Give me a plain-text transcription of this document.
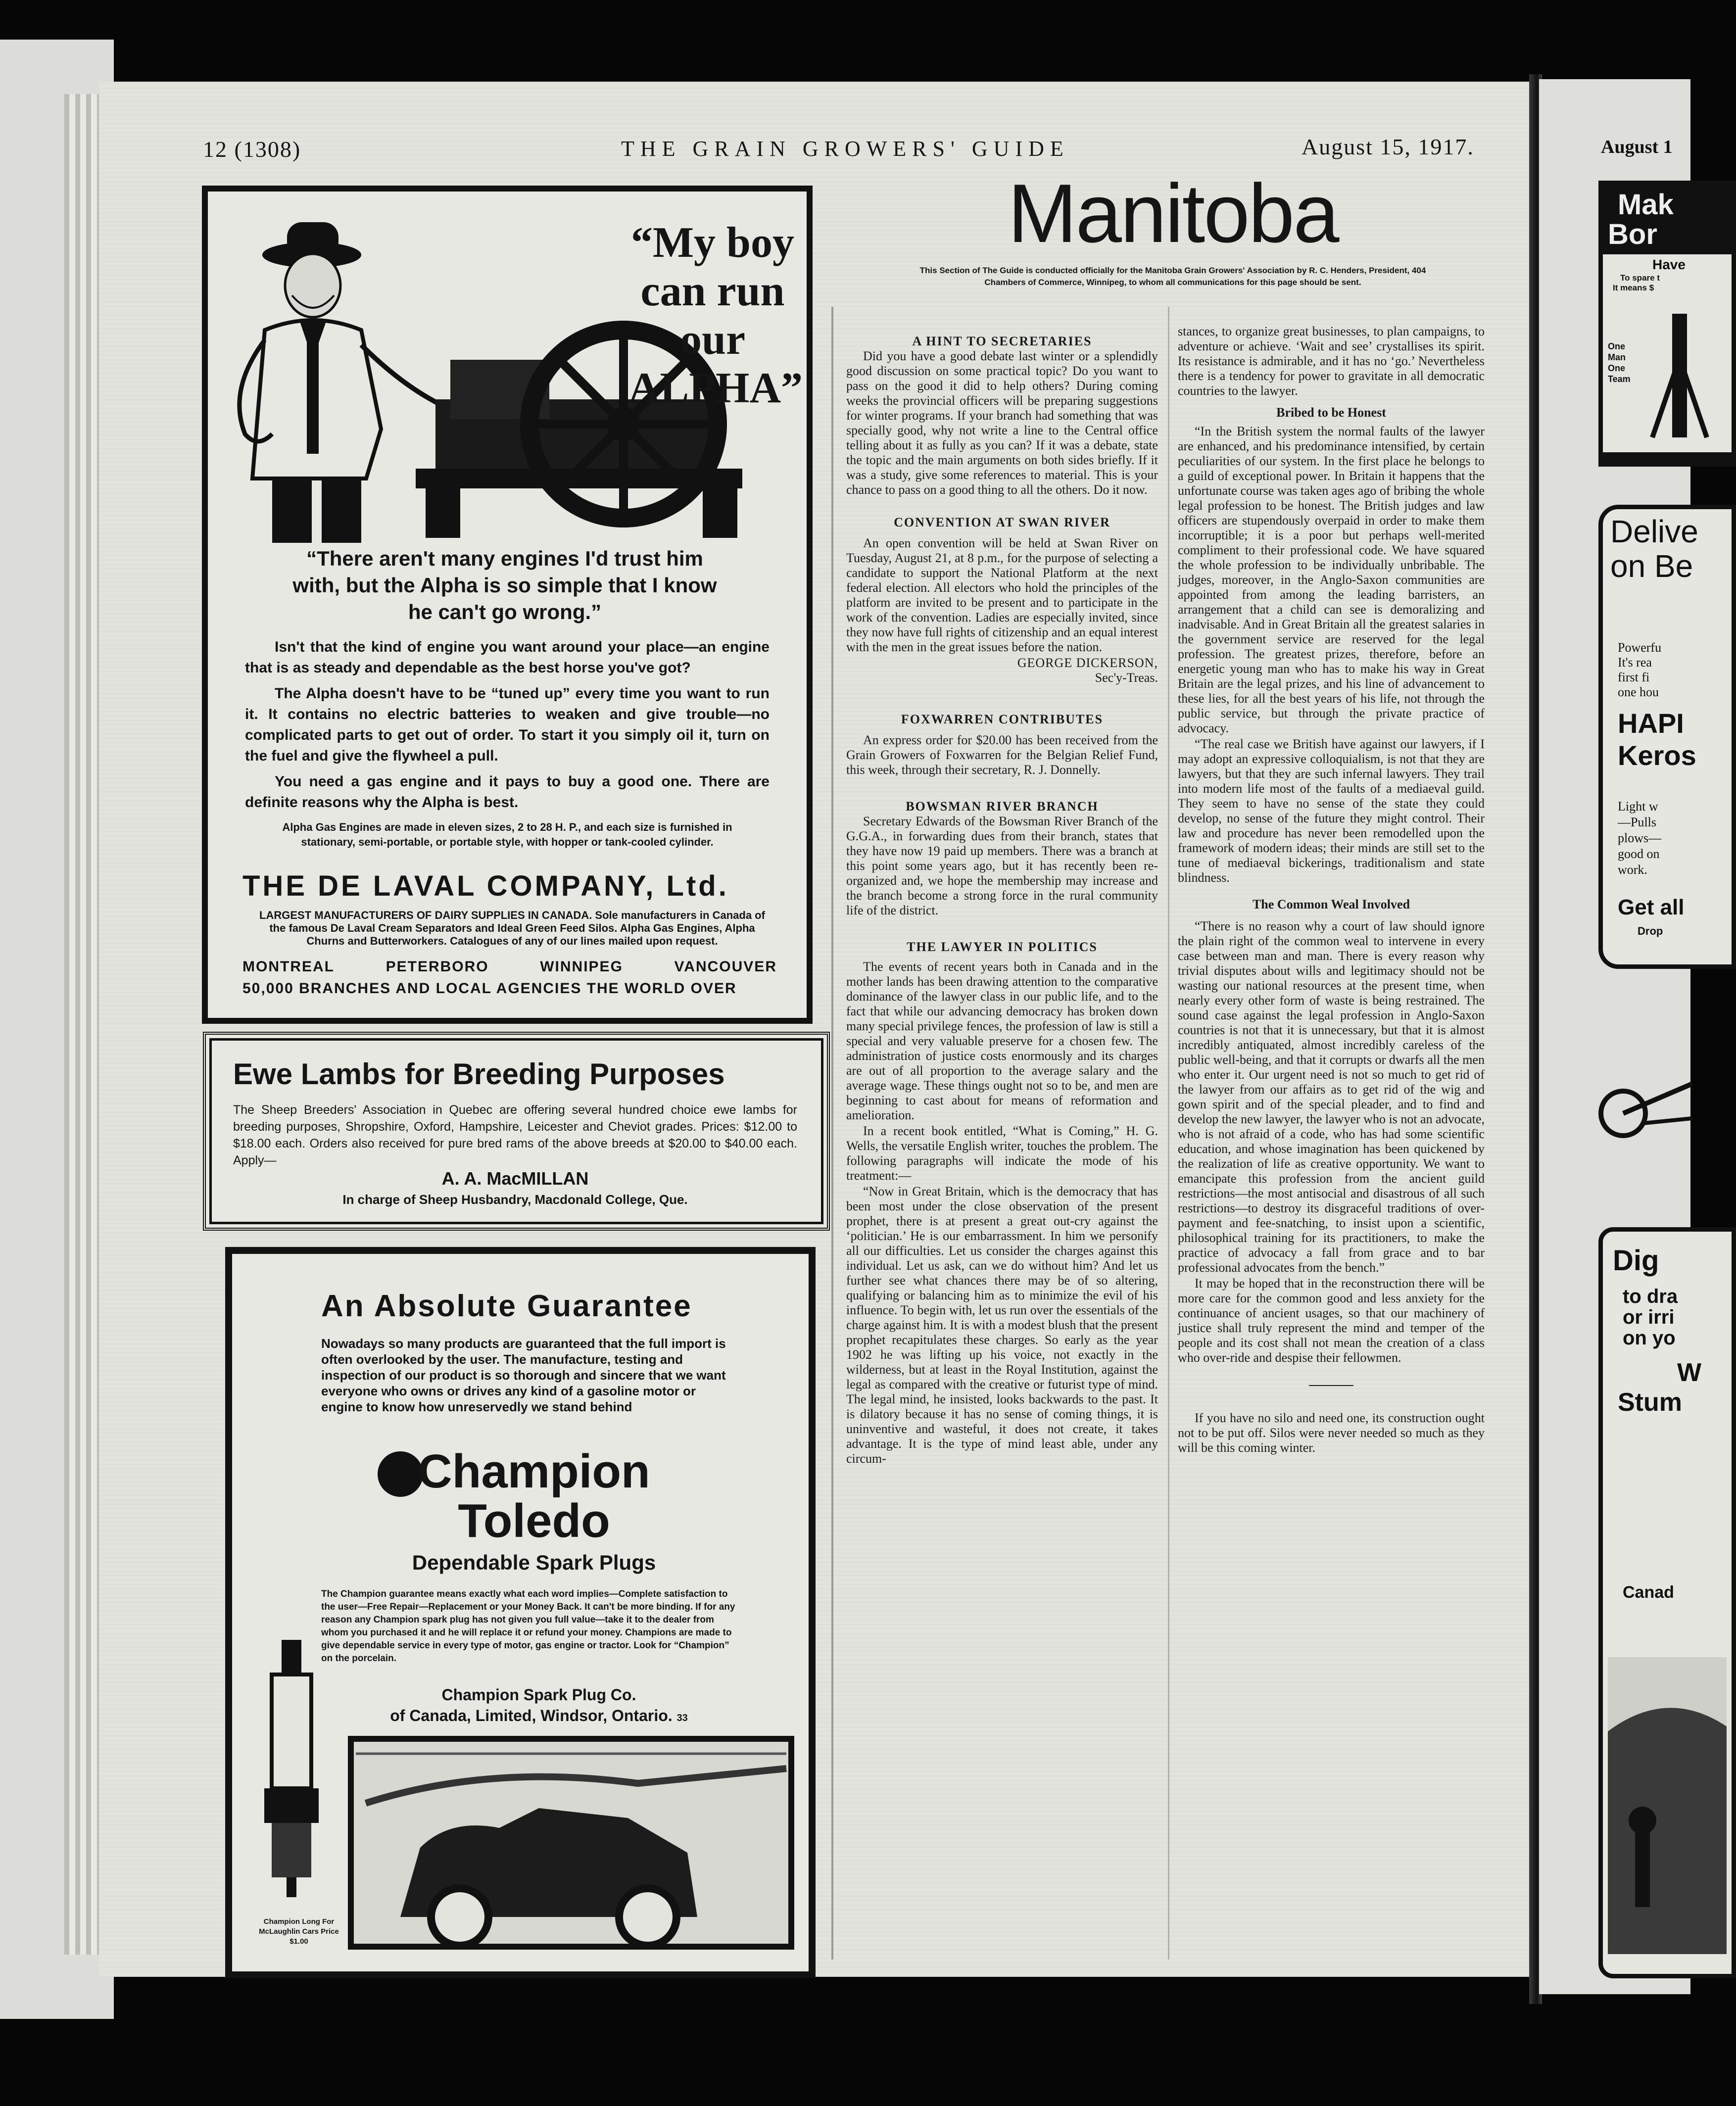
12 (1308)	THE GRAIN GROWERS' GUIDE	August 15, 1917.
“My boy can run our ALPHA”
“There aren't many engines I'd trust him with, but the Alpha is so simple that I know he can't go wrong.”

Isn't that the kind of engine you want around your place—an engine that is as steady and dependable as the best horse you've got?

The Alpha doesn't have to be “tuned up” every time you want to run it. It contains no electric batteries to weaken and give trouble—no complicated parts to get out of order. To start it you simply oil it, turn on the fuel and give the flywheel a pull.

You need a gas engine and it pays to buy a good one. There are definite reasons why the Alpha is best.

Alpha Gas Engines are made in eleven sizes, 2 to 28 H. P., and each size is furnished in stationary, semi-portable, or portable style, with hopper or tank-cooled cylinder.
THE DE LAVAL COMPANY, Ltd.
LARGEST MANUFACTURERS OF DAIRY SUPPLIES IN CANADA. Sole manufacturers in Canada of the famous De Laval Cream Separators and Ideal Green Feed Silos. Alpha Gas Engines, Alpha Churns and Butterworkers. Catalogues of any of our lines mailed upon request.
MONTREAL	PETERBORO	WINNIPEG	VANCOUVER
50,000 BRANCHES AND LOCAL AGENCIES THE WORLD OVER
Ewe Lambs for Breeding Purposes
The Sheep Breeders' Association in Quebec are offering several hundred choice ewe lambs for breeding purposes, Shropshire, Oxford, Hampshire, Leicester and Cheviot grades. Prices: $12.00 to $18.00 each. Orders also received for pure bred rams of the above breeds at $20.00 to $40.00 each. Apply—
A. A. MacMILLAN
In charge of Sheep Husbandry, Macdonald College, Que.
An Absolute Guarantee
Nowadays so many products are guaranteed that the full import is often overlooked by the user. The manufacture, testing and inspection of our product is so thorough and sincere that we want everyone who owns or drives any kind of a gasoline motor or engine to know how unreservedly we stand behind
Champion
Toledo
Dependable Spark Plugs
The Champion guarantee means exactly what each word implies—Complete satisfaction to the user—Free Repair—Replacement or your Money Back. It can't be more binding. If for any reason any Champion spark plug has not given you full value—take it to the dealer from whom you purchased it and he will replace it or refund your money. Champions are made to give dependable service in every type of motor, gas engine or tractor. Look for “Champion” on the porcelain.
Champion Spark Plug Co.
of Canada, Limited, Windsor, Ontario. 33
Champion Long For McLaughlin Cars Price $1.00
Manitoba
This Section of The Guide is conducted officially for the Manitoba Grain Growers' Association by R. C. Henders, President, 404 Chambers of Commerce, Winnipeg, to whom all communications for this page should be sent.
A HINT TO SECRETARIES

Did you have a good debate last winter or a splendidly good discussion on some practical topic? Do you want to pass on the good it did to help others? During coming weeks the provincial officers will be preparing suggestions for winter programs. If your branch had something that was specially good, why not write a line to the Central office telling about it as fully as you can? If it was a debate, state the topic and the main arguments on both sides briefly. If it was a study, give some references to material. This is your chance to pass on a good thing to all the others. Do it now.

CONVENTION AT SWAN RIVER

An open convention will be held at Swan River on Tuesday, August 21, at 8 p.m., for the purpose of selecting a candidate to support the National Platform at the next federal election. All electors who hold the principles of the platform are invited to be present and to participate in the work of the convention. Ladies are especially invited, since they now have full rights of citizenship and an equal interest with the men in the great issues before the nation.

GEORGE DICKERSON,
Sec'y-Treas.
FOXWARREN CONTRIBUTES

An express order for $20.00 has been received from the Grain Growers of Foxwarren for the Belgian Relief Fund, this week, through their secretary, R. J. Donnelly.

BOWSMAN RIVER BRANCH

Secretary Edwards of the Bowsman River Branch of the G.G.A., in forwarding dues from their branch, states that they have now 19 paid up members. There was a branch at this point some years ago, but it has recently been re-organized and, we hope the membership may increase and the branch become a strong force in the rural community life of the district.

THE LAWYER IN POLITICS

The events of recent years both in Canada and in the mother lands has been drawing attention to the comparative dominance of the lawyer class in our public life, and to the fact that while our advancing democracy has broken down many special privilege fences, the profession of law is still a special and very valuable preserve for a chosen few. The administration of justice costs enormously and its charges are out of all proportion to the average salary and the average wage. These things ought not so to be, and men are beginning to cast about for means of reformation and amelioration.

In a recent book entitled, “What is Coming,” H. G. Wells, the versatile English writer, touches the problem. The following paragraphs will indicate the mode of his treatment:—

“Now in Great Britain, which is the democracy that has been most under the close observation of the present prophet, there is at present a great out-cry against the ‘politician.’ He is our embarrassment. In him we personify all our difficulties. Let us consider the charges against this individual. Let us ask, can we do without him? And let us further see what chances there may be of so altering, qualifying or balancing him as to minimize the evil of his influence. To begin with, let us run over the essentials of the charge against him. It is with a modest blush that the present prophet recapitulates these charges. So early as the year 1902 he was lifting up his voice, not exactly in the wilderness, but at least in the Royal Institution, against the legal as compared with the creative or futurist type of mind. The legal mind, he insisted, looks backwards to the past. It is dilatory because it has no sense of coming things, it is uninventive and wasteful, it does not create, it takes advantage. It is the type of mind least able, under any circum-

stances, to organize great businesses, to plan campaigns, to adventure or achieve. ‘Wait and see’ crystallises its spirit. Its resistance is admirable, and it has no ‘go.’ Nevertheless there is a tendency for power to gravitate in all democratic countries to the lawyer.

Bribed to be Honest

“In the British system the normal faults of the lawyer are enhanced, and his predominance intensified, by certain peculiarities of our system. In the first place he belongs to a guild of exceptional power. In Britain it happens that the unfortunate course was taken ages ago of bribing the whole legal profession to be honest. The British judges and law officers are stupendously overpaid in order to make them incorruptible; it is a poor but perhaps well-merited compliment to their professional code. We have squared the whole profession to be individually unbribable. The judges, moreover, in the Anglo-Saxon communities are appointed from among the leading barristers, an arrangement that a child can see is demoralizing and inadvisable. And in Great Britain all the greatest salaries in the government service are reserved for the legal profession. The greatest prizes, therefore, before an energetic young man who has to make his way in Great Britain are the legal prizes, and his line of advancement to these lies, for all the best years of his life, not through the public service, but through the private practice of advocacy.

“The real case we British have against our lawyers, if I may adopt an expressive colloquialism, is not that they are lawyers, but that they are such infernal lawyers. They trail into modern life most of the faults of a mediaeval guild. They seem to have no sense of the state they could develop, no sense of the future they might control. Their law and procedure has never been remodelled upon the framework of modern ideas; their minds are still set to the tune of mediaeval bickerings, traditionalism and state blindness.

The Common Weal Involved

“There is no reason why a court of law should ignore the plain right of the common weal to intervene in every case between man and man. There is every reason why trivial disputes about wills and legitimacy should not be wasting our national resources at the present time, when nearly every other form of waste is being restrained. The sound case against the legal profession in Anglo-Saxon countries is not that it is unnecessary, but that it is almost incredibly antiquated, almost incredibly careless of the public well-being, and that it corrupts or dwarfs all the men who enter it. Our urgent need is not so much to get rid of the lawyer from our affairs as to get rid of the wig and gown spirit and of the special pleader, and to find and develop the new lawyer, the lawyer who is not an advocate, who is not afraid of a code, who has had some scientific education, and whose imagination has been quickened by the realization of life as creative opportunity. We want to emancipate this profession from the ancient guild restrictions—the most antisocial and disastrous of all such restrictions—to destroy its disgraceful traditions of over-payment and fee-snatching, to insist upon a scientific, philosophical training for its practitioners, to make the practice of advocacy a fall from grace and to bar professional advocates from the bench.”

It may be hoped that in the reconstruction there will be more care for the common good and less anxiety for the continuance of ancient usages, so that our machinery of justice shall truly represent the mind and temper of the people and its cost shall not mean the creation of a class who over-ride and despise their fellowmen.

If you have no silo and need one, its construction ought not to be put off. Silos were never needed so much as they will be this coming winter.

August 1
Mak
Bor
Have
To spare t
It means $
One
Man
One
Team
Delive
on Be
Powerfu
It's rea
first fi
one hou
HAPI
Keros
Light w
—Pulls
plows—
good on
work.
Get all
Drop
Dig
to dra
or irri
on yo
W
Stum
Canad
